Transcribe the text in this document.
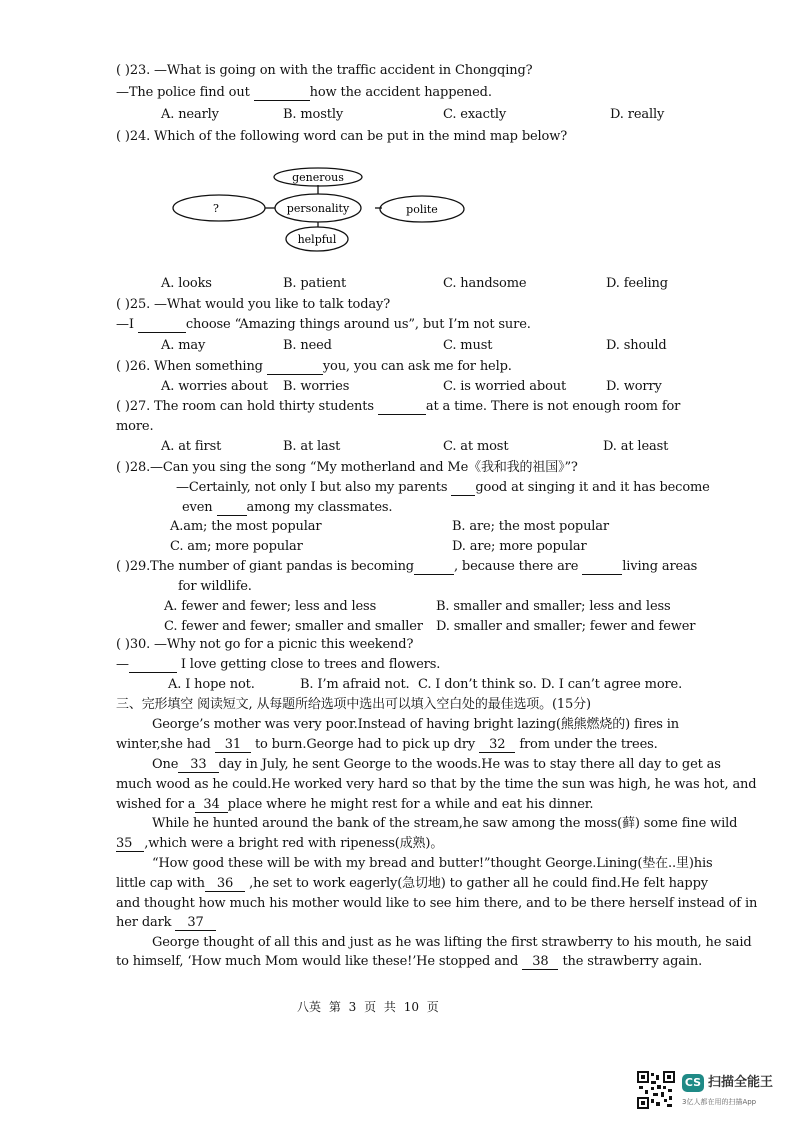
( )23. —What is going on with the traffic accident in Chongqing?
—The police find out	how the accident happened.
A. nearly	B. mostly	C. exactly	D. really
( )24. Which of the following word can be put in the mind map below?
generous
?	personality	polite
helpful
A. looks	B. patient	C. handsome	D. feeling
( )25. —What would you like to talk today?
—I	choose “Amazing things around us”, but I’m not sure.
A. may	B. need	C. must	D. should
( )26. When something	you, you can ask me for help.
A. worries about B. worries	C. is worried about	D. worry
( )27. The room can hold thirty students	at a time. There is not enough room for
more.
A. at first	B. at last	C. at most	D. at least
( )28.—Can you sing the song “My motherland and Me《我和我的祖国》”?
—Certainly, not only I but also my parents good at singing it and it has become
even	among my classmates.
A.am; the most popular	B. are; the most popular
C. am; more popular	D. are; more popular
( )29.The number of giant pandas is becoming	, because there are	living areas
for wildlife.
A. fewer and fewer; less and less	B. smaller and smaller; less and less
C. fewer and fewer; smaller and smaller D. smaller and smaller; fewer and fewer
( )30. —Why not go for a picnic this weekend?
—	I love getting close to trees and flowers.
A. I hope not.	B. I’m afraid not. C. I don’t think so. D. I can’t agree more.
三、完形填空 阅读短文, 从每题所给选项中选出可以填入空白处的最佳选项。(15分)
George’s mother was very poor.Instead of having bright lazing(熊熊燃烧的) fires in
winter,she had 31 to burn.George had to pick up dry 32 from under the trees.
One 33 day in July, he sent George to the woods.He was to stay there all day to get as
much wood as he could.He worked very hard so that by the time the sun was high, he was hot, and
wished for a 34 place where he might rest for a while and eat his dinner.
While he hunted around the bank of the stream,he saw among the moss(藓) some fine wild
35 ,which were a bright red with ripeness(成熟)。
“How good these will be with my bread and butter!”thought George.Lining(垫在..里)his
little cap with 36 ,he set to work eagerly(急切地) to gather all he could find.He felt happy
and thought how much his mother would like to see him there, and to be there herself instead of in
her dark 37
George thought of all this and just as he was lifting the first strawberry to his mouth, he said
to himself, ‘How much Mom would like these!’He stopped and 38 the strawberry again.
八英 第 3 页 共 10 页
CS 扫描全能王
3亿人都在用的扫描App
